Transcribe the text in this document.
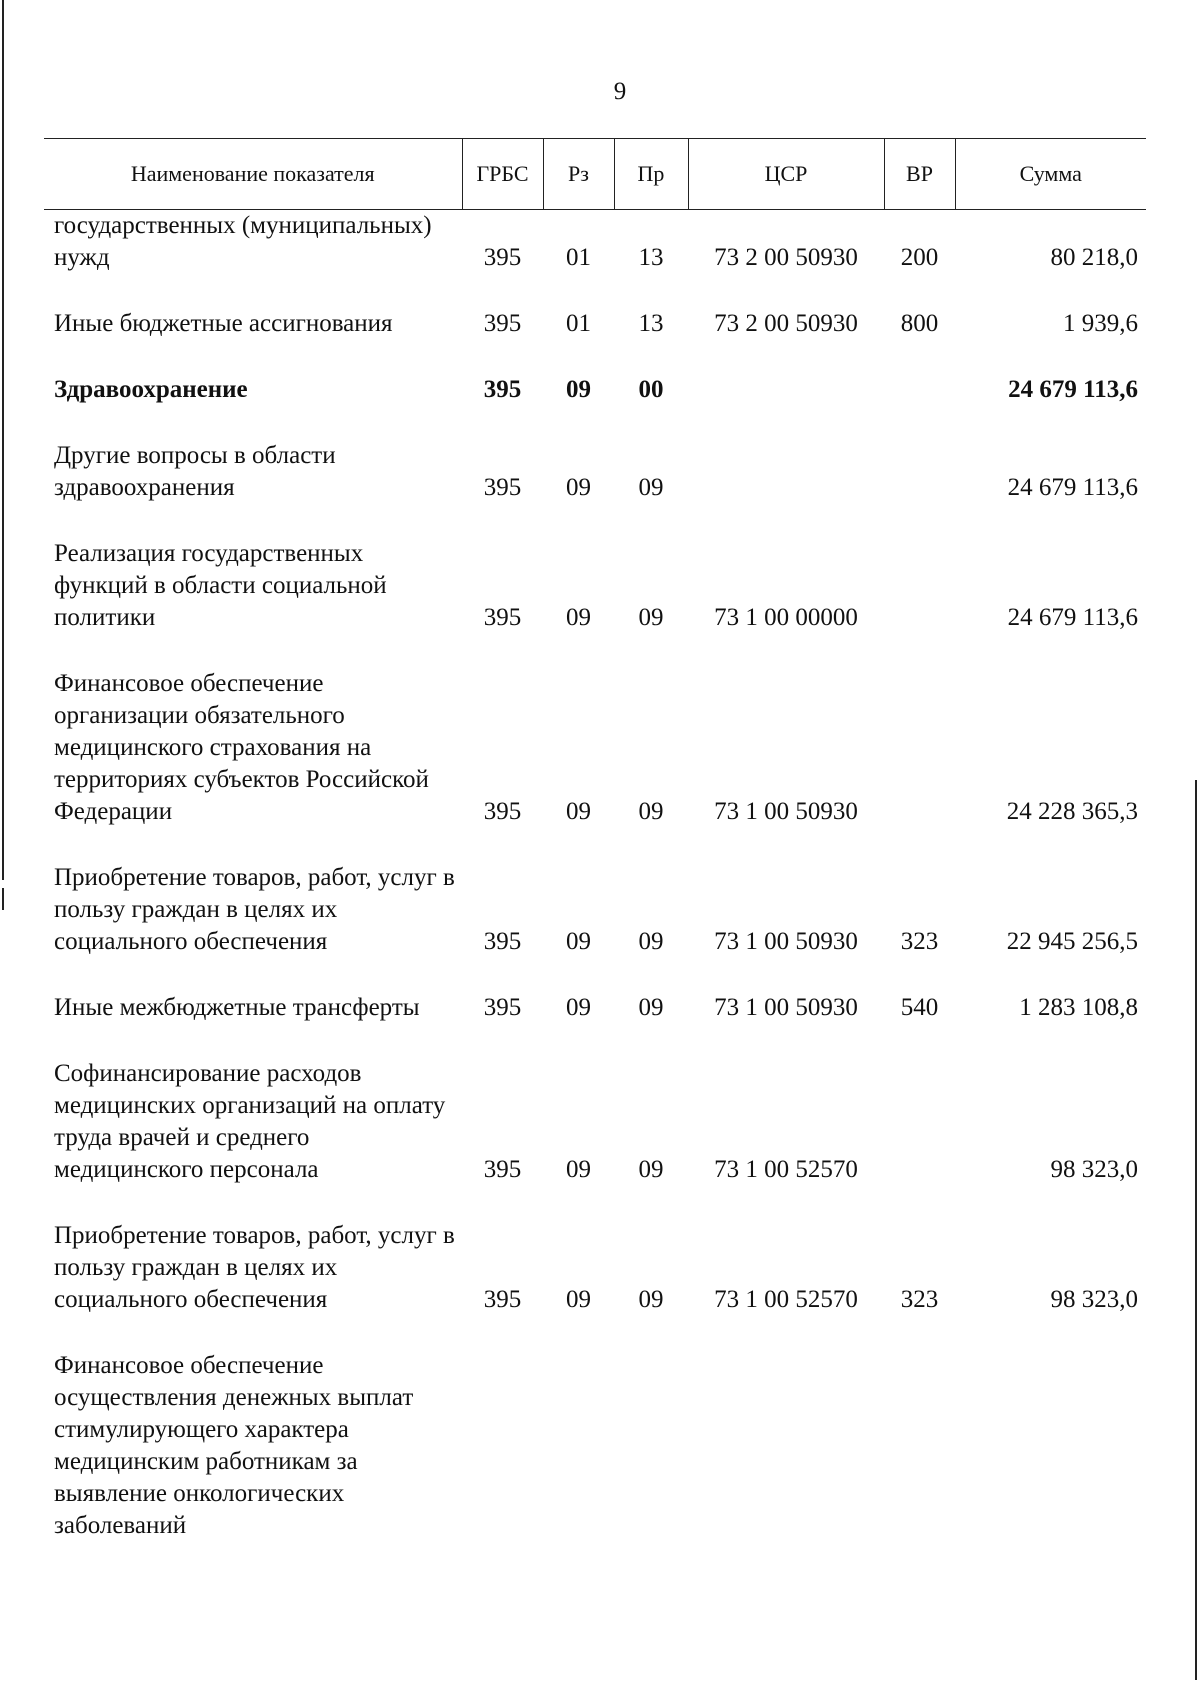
9
Наименование показателя	ГРБС	Рз	Пр	ЦСР	ВР	Сумма
государственных (муниципальных) нужд	395	01	13	73 2 00 50930	200	80 218,0

Иные бюджетные ассигнования	395	01	13	73 2 00 50930	800	1 939,6

Здравоохранение	395	09	00			24 679 113,6

Другие вопросы в области здравоохранения	395	09	09			24 679 113,6

Реализация государственных функций в области социальной политики	395	09	09	73 1 00 00000		24 679 113,6

Финансовое обеспечение организации обязательного медицинского страхования на территориях субъектов Российской Федерации	395	09	09	73 1 00 50930		24 228 365,3

Приобретение товаров, работ, услуг в пользу граждан в целях их социального обеспечения	395	09	09	73 1 00 50930	323	22 945 256,5

Иные межбюджетные трансферты	395	09	09	73 1 00 50930	540	1 283 108,8

Софинансирование расходов медицинских организаций на оплату труда врачей и среднего медицинского персонала	395	09	09	73 1 00 52570		98 323,0

Приобретение товаров, работ, услуг в пользу граждан в целях их социального обеспечения	395	09	09	73 1 00 52570	323	98 323,0

Финансовое обеспечение осуществления денежных выплат стимулирующего характера медицинским работникам за выявление онкологических заболеваний						
